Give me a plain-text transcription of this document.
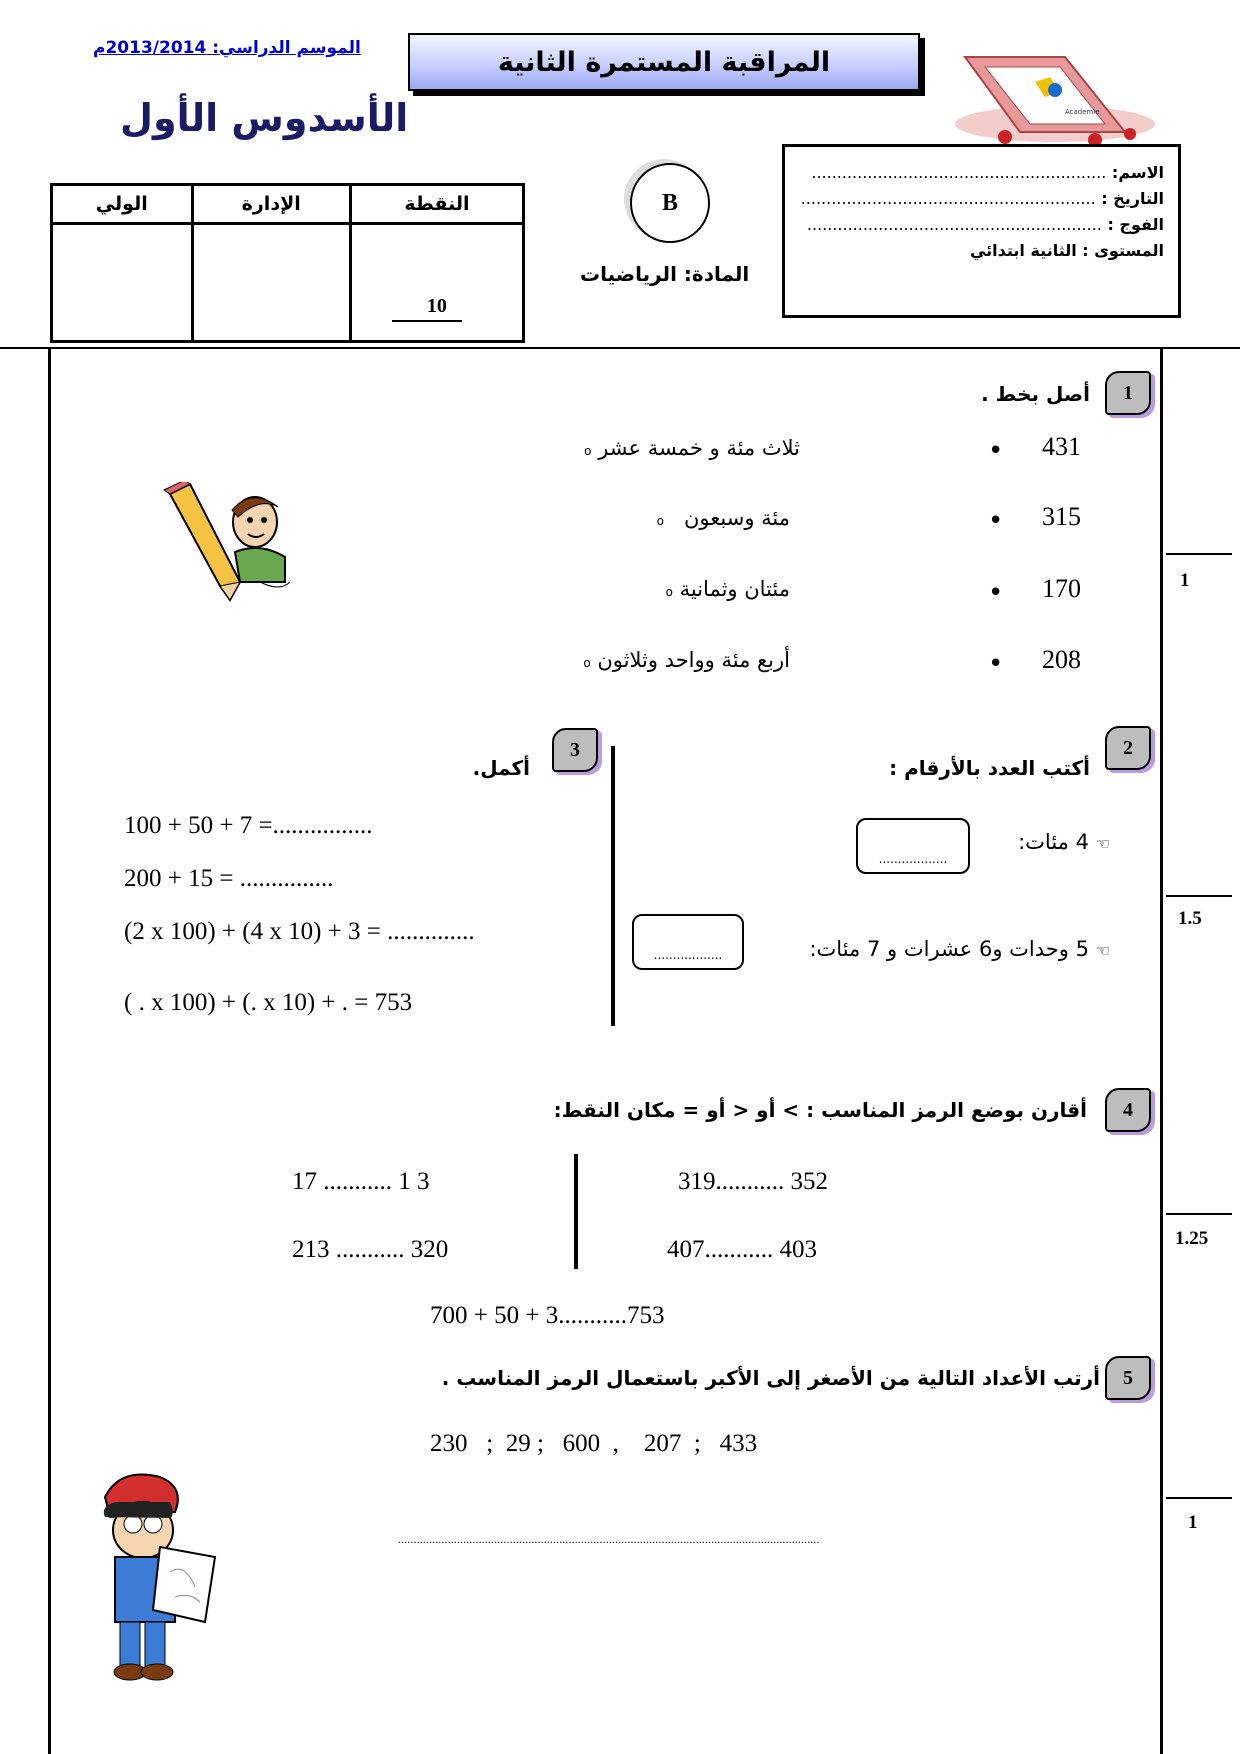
الموسم الدراسي: 2013/2014م	المراقبة المستمرة الثانية
Academie
الأسدوس الأول
الاسم: ..........................................................
التاريخ : ..........................................................
الفوج : ..........................................................
المستوى : الثانية ابتدائي
B
المادة: الرياضيات
الولي	الإدارة	النقطة

		10
1
1.5
1.25
1
1
أصل بخط .
431
315
170
208
•
•
•
•
o ثلاث مئة و خمسة عشر
o مئة وسبعون
o مئتان وثمانية
o أربع مئة وواحد وثلاثون
2
أكتب العدد بالأرقام :
☜ 4 مئات:
..................
☜ 5 وحدات و6 عشرات و 7 مئات:
..................
3
أكمل.
100 + 50 + 7 =................
200 + 15 = ...............
(2 x 100) + (4 x 10) + 3 = ..............
( . x 100) + (. x 10) + . = 753
4
أقارن بوضع الرمز المناسب : > أو < أو = مكان النقط:
17 ........... 1 3
213 ........... 320
319........... 352
407........... 403
700 + 50 + 3...........753
5
أرتب الأعداد التالية من الأصغر إلى الأكبر باستعمال الرمز المناسب .
230   ;  29 ;   600  ,    207  ;   433
........................................................................................................................................
